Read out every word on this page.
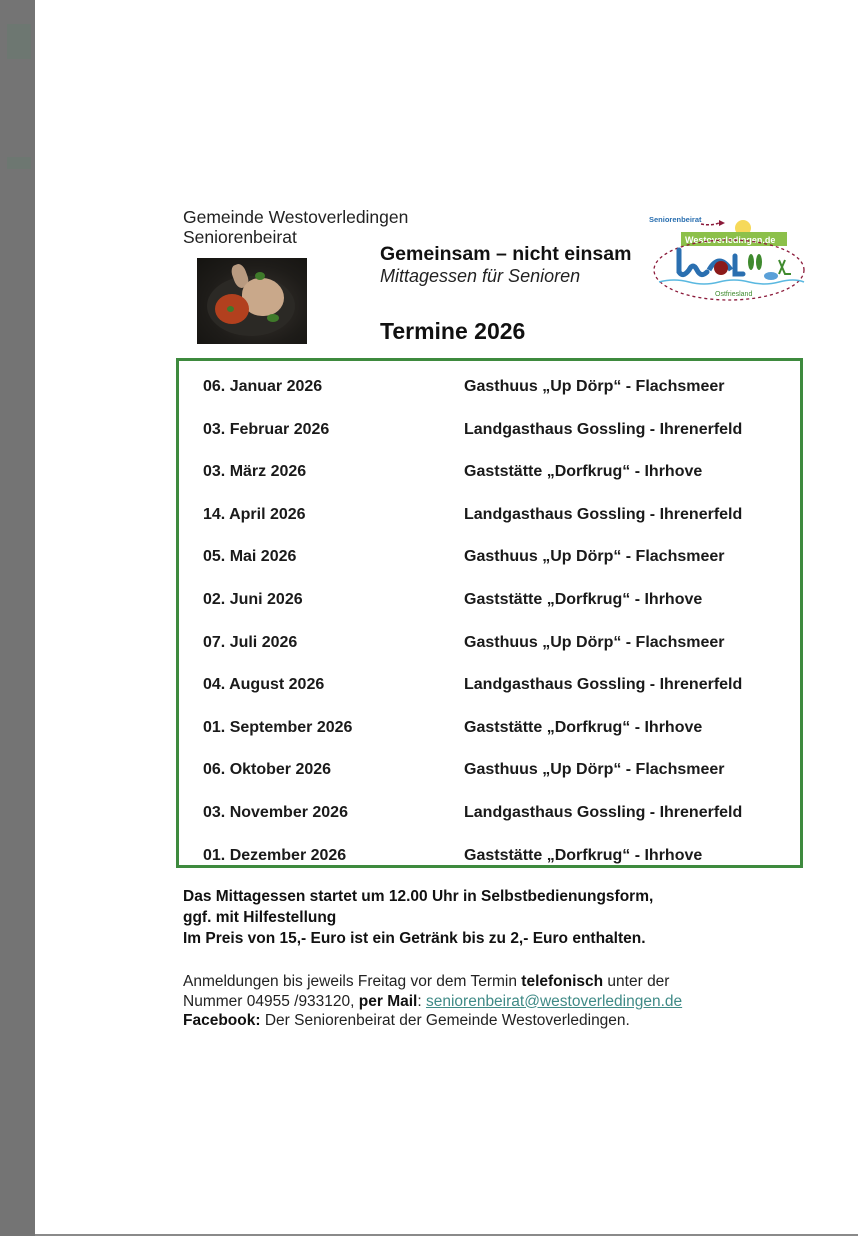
Gemeinde Westoverledingen
Seniorenbeirat
Gemeinsam – nicht einsam
Mittagessen für Senioren
Termine 2026
Seniorenbeirat
Westoverledingen.de
Ostfriesland
06. Januar 2026	Gasthuus „Up Dörp“ - Flachsmeer
03. Februar 2026	Landgasthaus Gossling - Ihrenerfeld
03. März 2026	Gaststätte „Dorfkrug“ - Ihrhove
14. April 2026	Landgasthaus Gossling - Ihrenerfeld
05. Mai 2026	Gasthuus „Up Dörp“ - Flachsmeer
02. Juni 2026	Gaststätte „Dorfkrug“ - Ihrhove
07. Juli 2026	Gasthuus „Up Dörp“ - Flachsmeer
04. August 2026	Landgasthaus Gossling - Ihrenerfeld
01. September 2026	Gaststätte „Dorfkrug“ - Ihrhove
06. Oktober 2026	Gasthuus „Up Dörp“ - Flachsmeer
03. November 2026	Landgasthaus Gossling - Ihrenerfeld
01. Dezember 2026	Gaststätte „Dorfkrug“ - Ihrhove
Das Mittagessen startet um 12.00 Uhr in Selbstbedienungsform,
ggf. mit Hilfestellung
Im Preis von 15,- Euro ist ein Getränk bis zu 2,- Euro enthalten.
Anmeldungen bis jeweils Freitag vor dem Termin telefonisch unter der
Nummer 04955 /933120, per Mail: seniorenbeirat@westoverledingen.de
Facebook: Der Seniorenbeirat der Gemeinde Westoverledingen.
